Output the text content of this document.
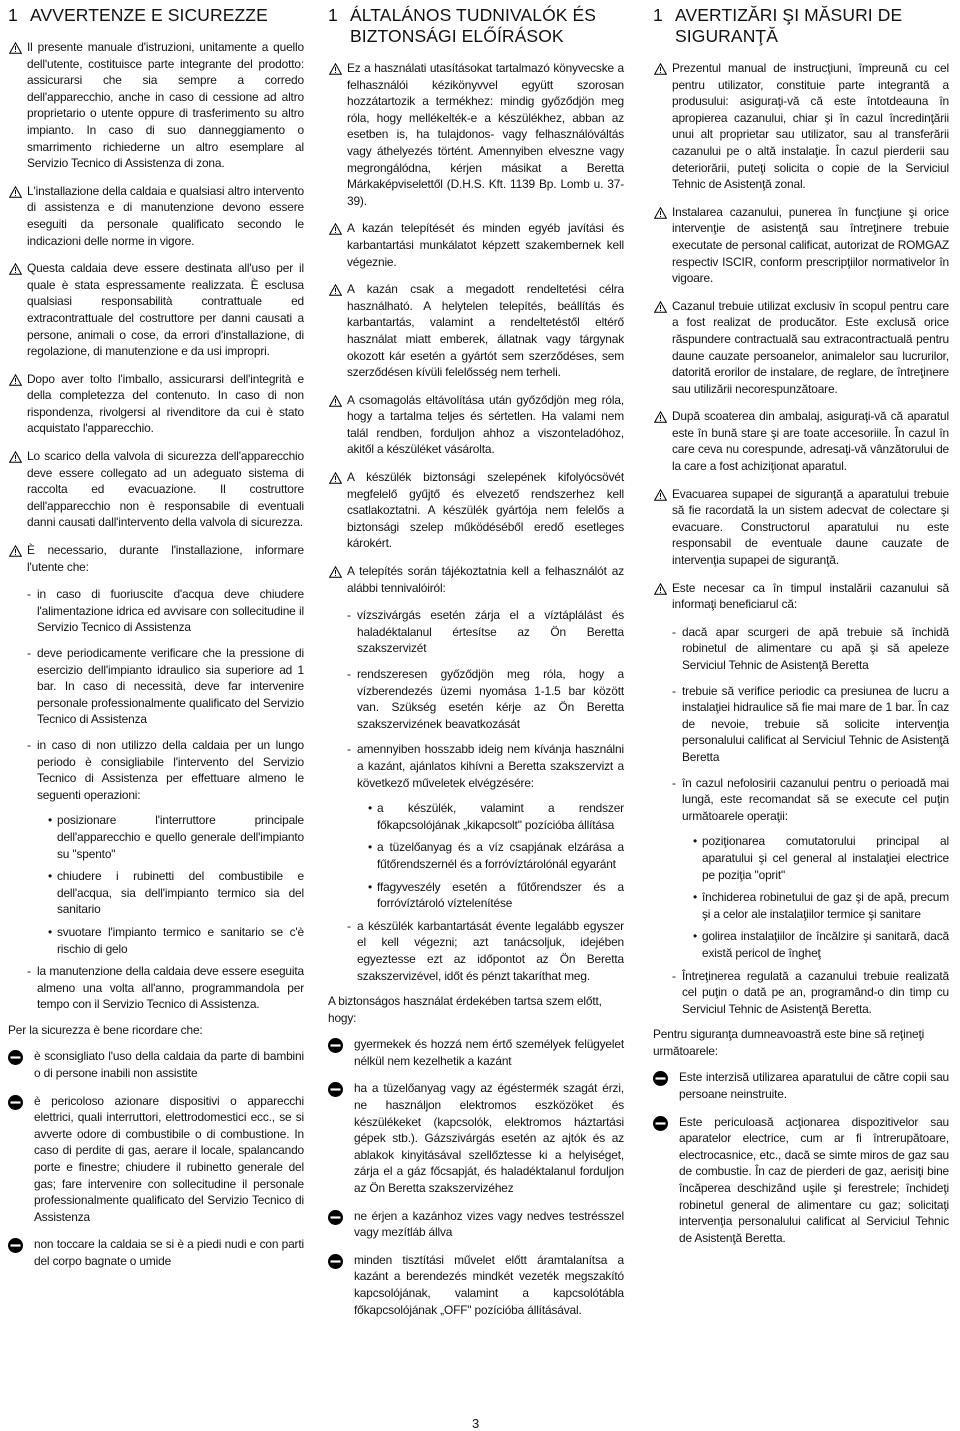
1 AVVERTENZE E SICUREZZE
Il presente manuale d'istruzioni, unitamente a quello dell'utente, costituisce parte integrante del prodotto: assicurarsi che sia sempre a corredo dell'apparecchio, anche in caso di cessione ad altro proprietario o utente oppure di trasferimento su altro impianto. In caso di suo danneggiamento o smarrimento richiederne un altro esemplare al Servizio Tecnico di Assistenza di zona.
L'installazione della caldaia e qualsiasi altro intervento di assistenza e di manutenzione devono essere eseguiti da personale qualificato secondo le indicazioni delle norme in vigore.
Questa caldaia deve essere destinata all'uso per il quale è stata espressamente realizzata. È esclusa qualsiasi responsabilità contrattuale ed extracontrattuale del costruttore per danni causati a persone, animali o cose, da errori d'installazione, di regolazione, di manutenzione e da usi impropri.
Dopo aver tolto l'imballo, assicurarsi dell'integrità e della completezza del contenuto. In caso di non rispondenza, rivolgersi al rivenditore da cui è stato acquistato l'apparecchio.
Lo scarico della valvola di sicurezza dell'apparecchio deve essere collegato ad un adeguato sistema di raccolta ed evacuazione. Il costruttore dell'apparecchio non è responsabile di eventuali danni causati dall'intervento della valvola di sicurezza.
È necessario, durante l'installazione, informare l'utente che:
- in caso di fuoriuscite d'acqua deve chiudere l'alimentazione idrica ed avvisare con sollecitudine il Servizio Tecnico di Assistenza
- deve periodicamente verificare che la pressione di esercizio dell'impianto idraulico sia superiore ad 1 bar. In caso di necessità, deve far intervenire personale professionalmente qualificato del Servizio Tecnico di Assistenza
- in caso di non utilizzo della caldaia per un lungo periodo è consigliabile l'intervento del Servizio Tecnico di Assistenza per effettuare almeno le seguenti operazioni:
• posizionare l'interruttore principale dell'apparecchio e quello generale dell'impianto su "spento"
• chiudere i rubinetti del combustibile e dell'acqua, sia dell'impianto termico sia del sanitario
• svuotare l'impianto termico e sanitario se c'è rischio di gelo
- la manutenzione della caldaia deve essere eseguita almeno una volta all'anno, programmandola per tempo con il Servizio Tecnico di Assistenza.
Per la sicurezza è bene ricordare che:
è sconsigliato l'uso della caldaia da parte di bambini o di persone inabili non assistite
è pericoloso azionare dispositivi o apparecchi elettrici, quali interruttori, elettrodomestici ecc., se si avverte odore di combustibile o di combustione. In caso di perdite di gas, aerare il locale, spalancando porte e finestre; chiudere il rubinetto generale del gas; fare intervenire con sollecitudine il personale professionalmente qualificato del Servizio Tecnico di Assistenza
non toccare la caldaia se si è a piedi nudi e con parti del corpo bagnate o umide
1 ÁLTALÁNOS TUDNIVALÓK ÉS BIZTONSÁGI ELŐÍRÁSOK
Ez a használati utasításokat tartalmazó könyvecske a felhasználói kézikönyvvel együtt szorosan hozzátartozik a termékhez: mindig győződjön meg róla, hogy mellékelték-e a készülékhez, abban az esetben is, ha tulajdonos- vagy felhasználóváltás vagy áthelyezés történt. Amennyiben elveszne vagy megrongálódna, kérjen másikat a Beretta Márkaképviselettől (D.H.S. Kft. 1139 Bp. Lomb u. 37-39).
A kazán telepítését és minden egyéb javítási és karbantartási munkálatot képzett szakembernek kell végeznie.
A kazán csak a megadott rendeltetési célra használható. A helytelen telepítés, beállítás és karbantartás, valamint a rendeltetéstől eltérő használat miatt emberek, állatnak vagy tárgynak okozott kár esetén a gyártót sem szerződéses, sem szerződésen kívüli felelősség nem terheli.
A csomagolás eltávolítása után győződjön meg róla, hogy a tartalma teljes és sértetlen. Ha valami nem talál rendben, forduljon ahhoz a viszonteladóhoz, akitől a készüléket vásárolta.
A készülék biztonsági szelepének kifolyócsövét megfelelő gyűjtő és elvezető rendszerhez kell csatlakoztatni. A készülék gyártója nem felelős a biztonsági szelep működéséből eredő esetleges károkért.
A telepítés során tájékoztatnia kell a felhasználót az alábbi tennivalóiról:
- vízszivárgás esetén zárja el a víztáplálást és haladéktalanul értesítse az Ön Beretta szakszervizét
- rendszeresen győződjön meg róla, hogy a vízberendezés üzemi nyomása 1-1.5 bar között van. Szükség esetén kérje az Ön Beretta szakszervizének beavatkozását
- amennyiben hosszabb ideig nem kívánja használni a kazánt, ajánlatos kihívni a Beretta szakszervizt a következő műveletek elvégzésére:
• a készülék, valamint a rendszer főkapcsolójának „kikapcsolt" pozícióba állítása
• a tüzelőanyag és a víz csapjának elzárása a fűtőrendszernél és a forróvíztárolónál egyaránt
• ffagyveszély esetén a fűtőrendszer és a forróvíztároló víztelenítése
- a készülék karbantartását évente legalább egyszer el kell végezni; azt tanácsoljuk, idejében egyeztesse ezt az időpontot az Ön Beretta szakszervizével, időt és pénzt takaríthat meg.
A biztonságos használat érdekében tartsa szem előtt, hogy:
gyermekek és hozzá nem értő személyek felügyelet nélkül nem kezelhetik a kazánt
ha a tüzelőanyag vagy az égéstermék szagát érzi, ne használjon elektromos eszközöket és készülékeket (kapcsolók, elektromos háztartási gépek stb.). Gázszivárgás esetén az ajtók és az ablakok kinyitásával szellőztesse ki a helyiséget, zárja el a gáz főcsapját, és haladéktalanul forduljon az Ön Beretta szakszervizéhez
ne érjen a kazánhoz vizes vagy nedves testrésszel vagy mezítláb állva
minden tisztítási művelet előtt áramtalanítsa a kazánt a berendezés mindkét vezeték megszakító kapcsolójának, valamint a kapcsolótábla főkapcsolójának „OFF" pozícióba állításával.
1 AVERTIZĂRI ŞI MĂSURI DE SIGURANŢĂ
Prezentul manual de instrucţiuni, împreună cu cel pentru utilizator, constituie parte integrantă a produsului: asiguraţi-vă că este întotdeauna în apropierea cazanului, chiar şi în cazul încredinţării unui alt proprietar sau utilizator, sau al transferării cazanului pe o altă instalaţie. În cazul pierderii sau deteriorării, puteţi solicita o copie de la Serviciul Tehnic de Asistenţă zonal.
Instalarea cazanului, punerea în funcţiune şi orice intervenţie de asistenţă sau întreţinere trebuie executate de personal calificat, autorizat de ROMGAZ respectiv ISCIR, conform prescripţiilor normativelor în vigoare.
Cazanul trebuie utilizat exclusiv în scopul pentru care a fost realizat de producător. Este exclusă orice răspundere contractuală sau extracontractuală pentru daune cauzate persoanelor, animalelor sau lucrurilor, datorită erorilor de instalare, de reglare, de întreţinere sau utilizării necorespunzătoare.
După scoaterea din ambalaj, asiguraţi-vă că aparatul este în bună stare şi are toate accesoriile. În cazul în care ceva nu corespunde, adresaţi-vă vânzătorului de la care a fost achiziţionat aparatul.
Evacuarea supapei de siguranţă a aparatului trebuie să fie racordată la un sistem adecvat de colectare şi evacuare. Constructorul aparatului nu este responsabil de eventuale daune cauzate de intervenţia supapei de siguranţă.
Este necesar ca în timpul instalării cazanului să informaţi beneficiarul că:
- dacă apar scurgeri de apă trebuie să închidă robinetul de alimentare cu apă şi să apeleze Serviciul Tehnic de Asistenţă Beretta
- trebuie să verifice periodic ca presiunea de lucru a instalaţiei hidraulice să fie mai mare de 1 bar. În caz de nevoie, trebuie să solicite intervenţia personalului calificat al Serviciul Tehnic de Asistenţă Beretta
- în cazul nefolosirii cazanului pentru o perioadă mai lungă, este recomandat să se execute cel puţin următoarele operaţii:
• poziţionarea comutatorului principal al aparatului şi cel general al instalaţiei electrice pe poziţia "oprit"
• închiderea robinetului de gaz şi de apă, precum şi a celor ale instalaţiilor termice şi sanitare
• golirea instalaţiilor de încălzire şi sanitară, dacă există pericol de îngheţ
- Întreţinerea regulată a cazanului trebuie realizată cel puţin o dată pe an, programând-o din timp cu Serviciul Tehnic de Asistenţă Beretta.
Pentru siguranţa dumneavoastră este bine să reţineţi următoarele:
Este interzisă utilizarea aparatului de către copii sau persoane neinstruite.
Este periculoasă acţionarea dispozitivelor sau aparatelor electrice, cum ar fi întrerupătoare, electrocasnice, etc., dacă se simte miros de gaz sau de combustie. În caz de pierderi de gaz, aerisiţi bine încăperea deschizând uşile şi ferestrele; închideţi robinetul general de alimentare cu gaz; solicitaţi intervenţia personalului calificat al Serviciul Tehnic de Asistenţă Beretta.
3
